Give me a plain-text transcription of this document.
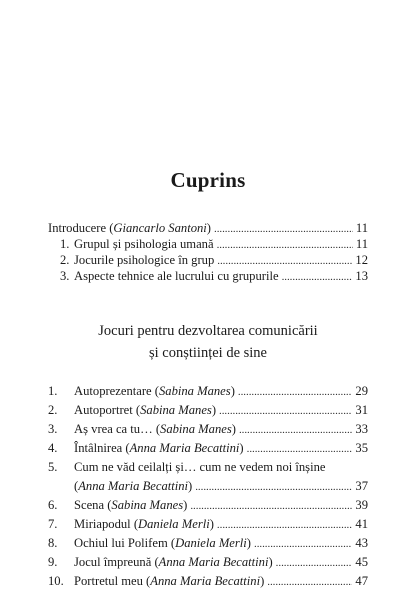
Cuprins
Introducere (Giancarlo Santoni) . . .	11
1. Grupul și psihologia umană . . .	11
2. Jocurile psihologice în grup . . .	12
3. Aspecte tehnice ale lucrului cu grupurile . . .	13
Jocuri pentru dezvoltarea comunicării
și conștiinței de sine
1.	Autoprezentare (Sabina Manes) . . .	29
2.	Autoportret (Sabina Manes) . . .	31
3.	Aș vrea ca tu… (Sabina Manes) . . .	33
4.	Întâlnirea (Anna Maria Becattini) . . .	35
5.	Cum ne văd ceilalți și… cum ne vedem noi înșine
(Anna Maria Becattini) . . .	37
6.	Scena (Sabina Manes) . . .	39
7.	Miriapodul (Daniela Merli) . . .	41
8.	Ochiul lui Polifem (Daniela Merli) . . .	43
9.	Jocul împreună (Anna Maria Becattini) . . .	45
10. Portretul meu (Anna Maria Becattini) . . .	47
